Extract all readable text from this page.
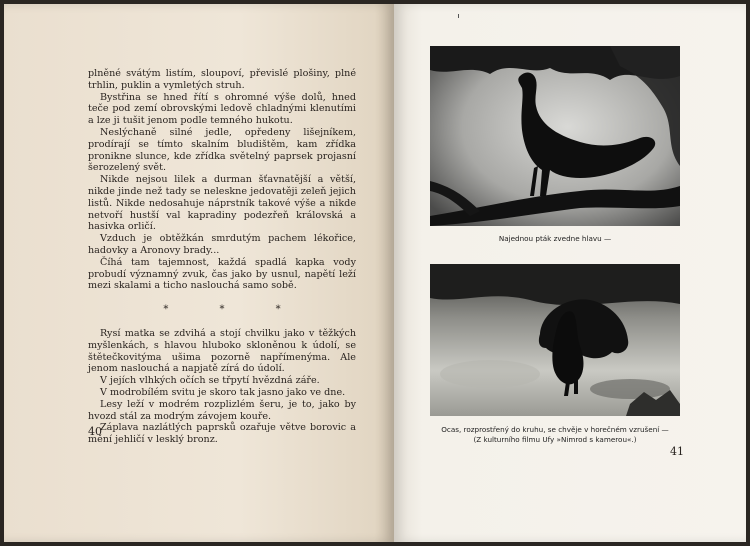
plněné svátým listím, sloupoví, převislé plošiny, plné trhlin, puklin a vymletých struh.

Bystřina se hned řítí s ohromné výše dolů, hned teče pod zemí obrovskými ledově chladnými klenutími a lze ji tušit jenom podle temného hukotu.

Neslýchaně silné jedle, opředeny lišejníkem, prodírají se tímto skalním bludištěm, kam zřídka pronikne slunce, kde zřídka světelný paprsek projasní šerozelený svět.

Nikde nejsou lilek a durman šťavnatější a větší, nikde jinde než tady se neleskne jedovatěji zeleň jejich listů. Nikde nedosahuje náprstník takové výše a nikde netvoří hustší val kapradiny podezřeň královská a hasivka orličí.

Vzduch je obtěžkán smrdutým pachem lékořice, hadovky a Aronovy brady...

Číhá tam tajemnost, každá spadlá kapka vody probudí významný zvuk, čas jako by usnul, napětí leží mezi skalami a ticho naslouchá samo sobě.

* * *

Rysí matka se zdvihá a stojí chvilku jako v těžkých myšlenkách, s hlavou hluboko skloněnou k údolí, se štětečkovitýma ušima pozorně napřímenýma. Ale jenom naslouchá a napjatě zírá do údolí.

V jejích vlhkých očích se třpytí hvězdná záře.

V modrobílém svitu je skoro tak jasno jako ve dne.

Lesy leží v modrém rozplizlém šeru, je to, jako by hvozd stál za modrým závojem kouře.

Záplava nazlátlých paprsků ozařuje větve borovic a mění jehličí v lesklý bronz.

40
Najednou pták zvedne hlavu —
Ocas, rozprostřený do kruhu, se chvěje v horečném vzrušení —
(Z kulturního filmu Ufy »Nimrod s kamerou«.)
41
